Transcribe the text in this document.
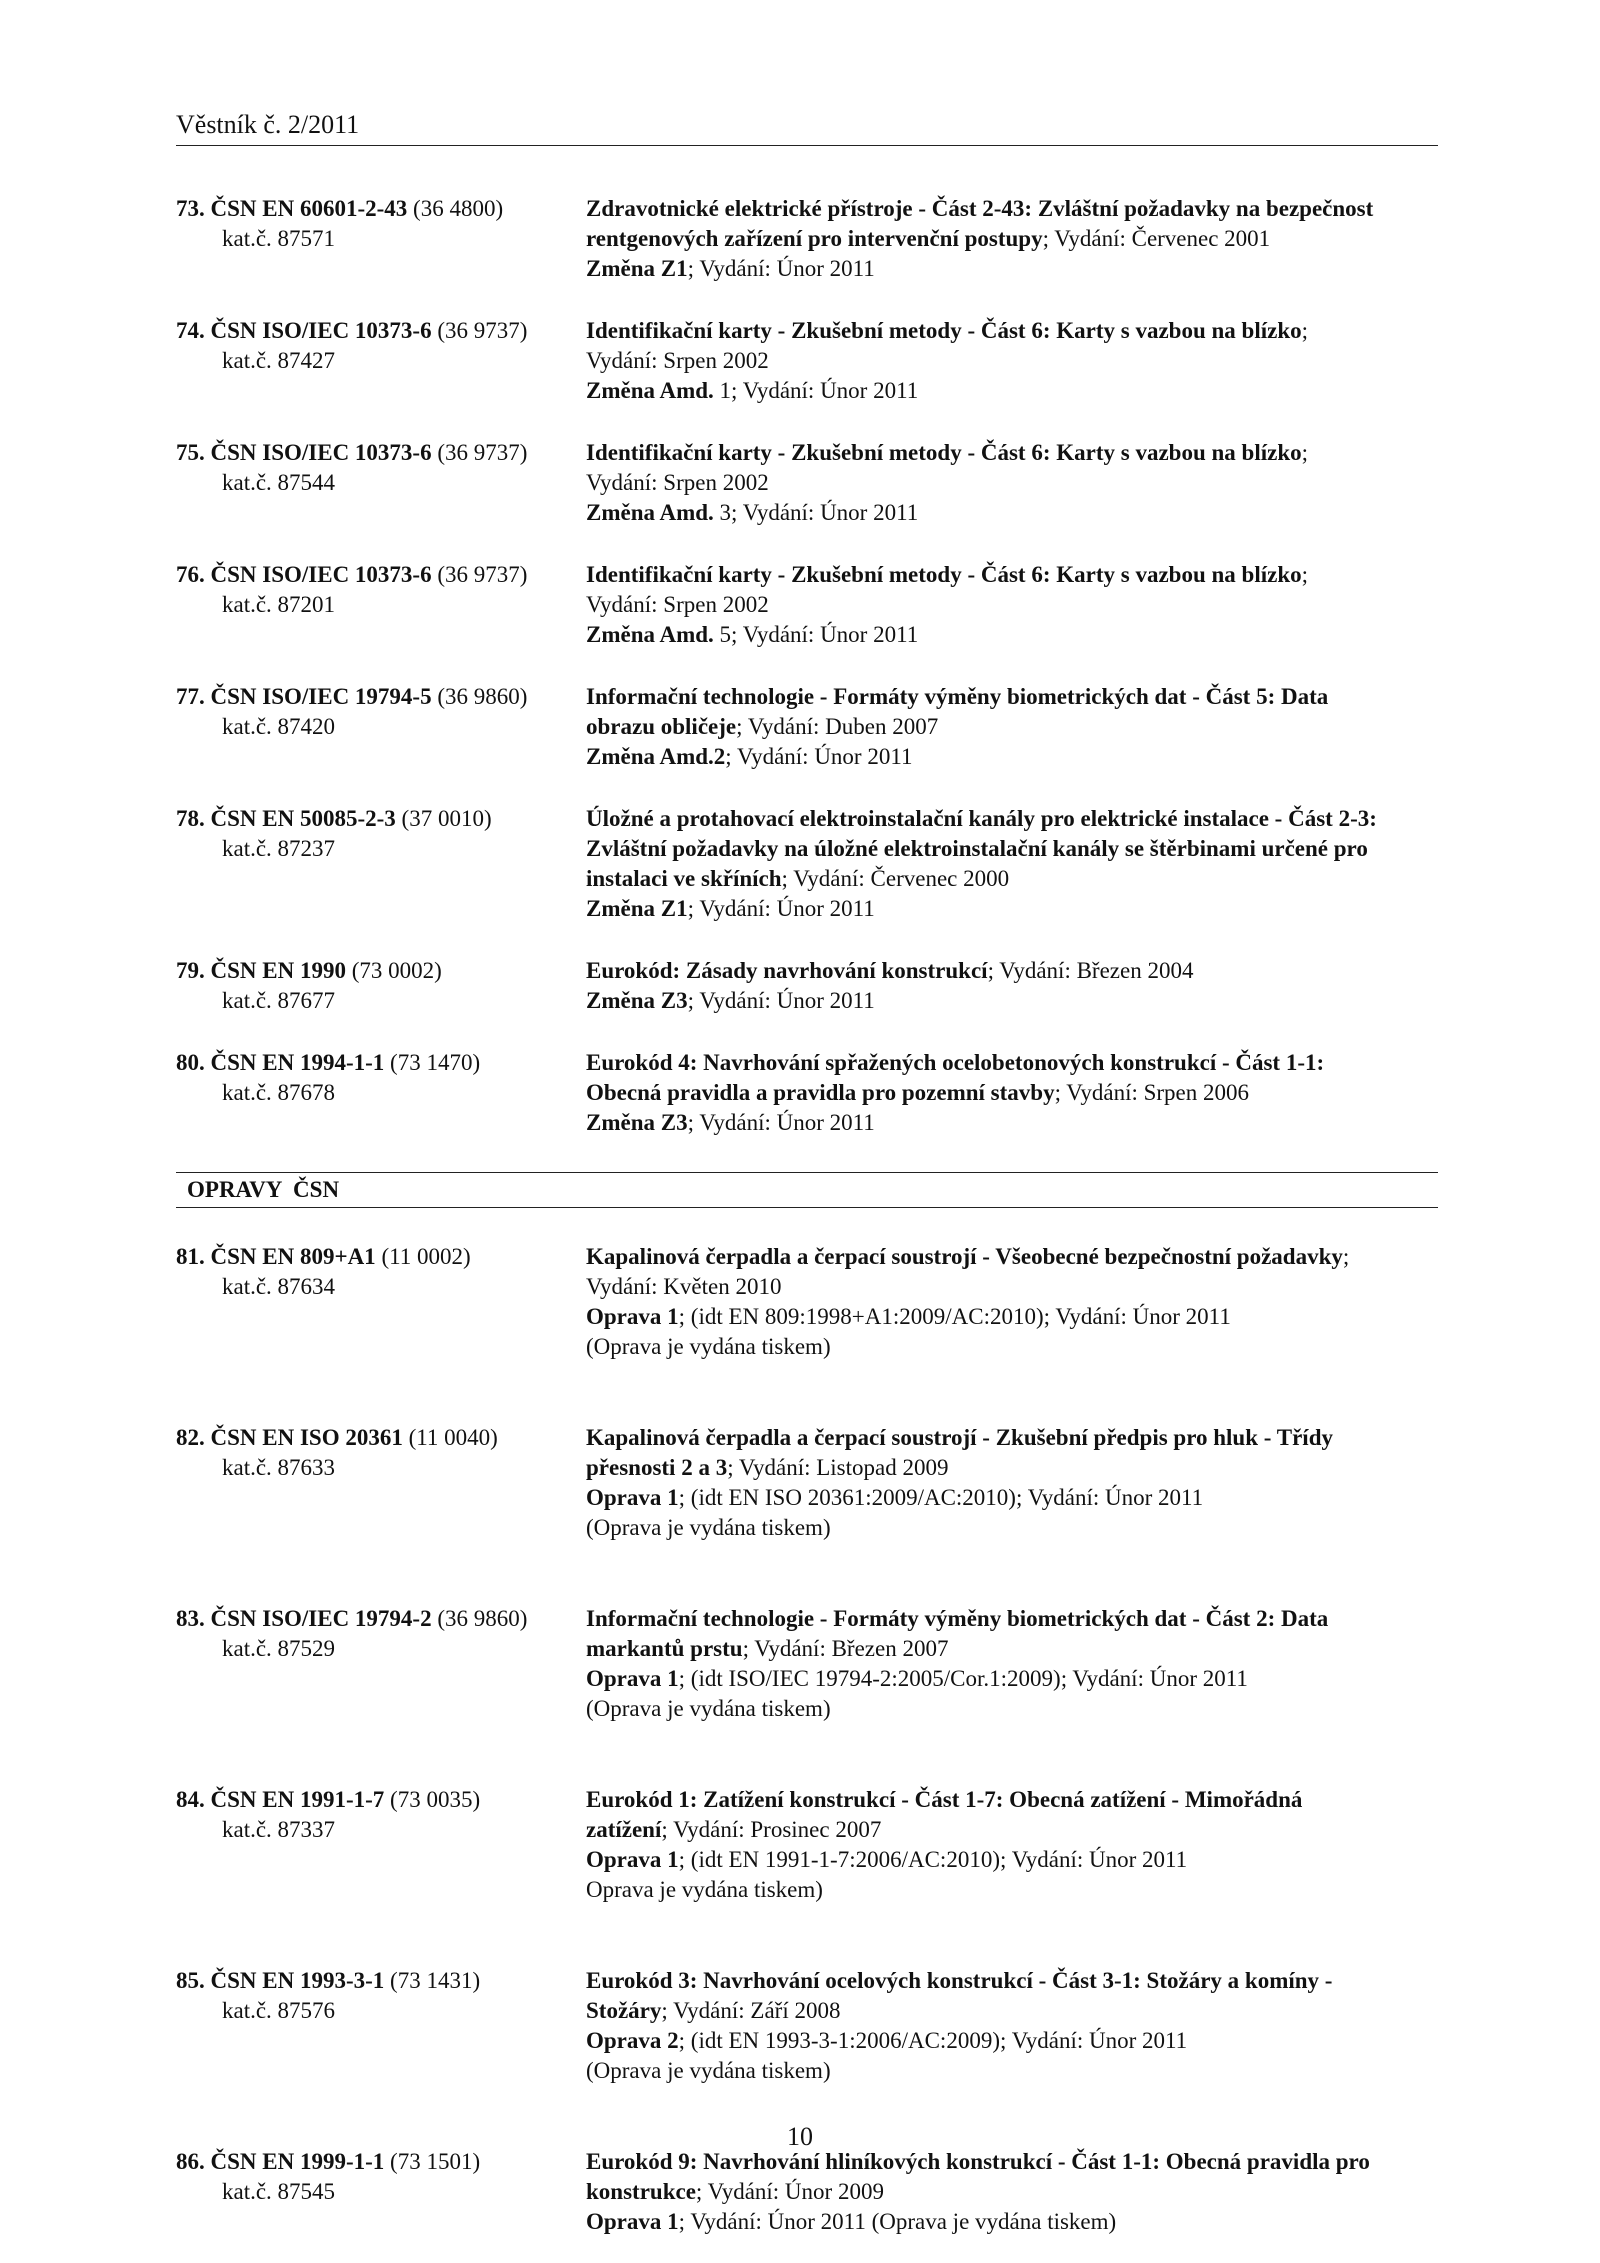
Věstník č. 2/2011
73. ČSN EN 60601-2-43 (36 4800)
kat.č. 87571
Zdravotnické elektrické přístroje - Část 2-43: Zvláštní požadavky na bezpečnost
rentgenových zařízení pro intervenční postupy; Vydání: Červenec 2001
Změna Z1; Vydání: Únor 2011
74. ČSN ISO/IEC 10373-6 (36 9737)
kat.č. 87427
Identifikační karty - Zkušební metody - Část 6: Karty s vazbou na blízko;
Vydání: Srpen 2002
Změna Amd. 1; Vydání: Únor 2011
75. ČSN ISO/IEC 10373-6 (36 9737)
kat.č. 87544
Identifikační karty - Zkušební metody - Část 6: Karty s vazbou na blízko;
Vydání: Srpen 2002
Změna Amd. 3; Vydání: Únor 2011
76. ČSN ISO/IEC 10373-6 (36 9737)
kat.č. 87201
Identifikační karty - Zkušební metody - Část 6: Karty s vazbou na blízko;
Vydání: Srpen 2002
Změna Amd. 5; Vydání: Únor 2011
77. ČSN ISO/IEC 19794-5 (36 9860)
kat.č. 87420
Informační technologie - Formáty výměny biometrických dat - Část 5: Data
obrazu obličeje; Vydání: Duben 2007
Změna Amd.2; Vydání: Únor 2011
78. ČSN EN 50085-2-3 (37 0010)
kat.č. 87237
Úložné a protahovací elektroinstalační kanály pro elektrické instalace - Část 2-3:
Zvláštní požadavky na úložné elektroinstalační kanály se štěrbinami určené pro
instalaci ve skříních; Vydání: Červenec 2000
Změna Z1; Vydání: Únor 2011
79. ČSN EN 1990 (73 0002)
kat.č. 87677
Eurokód: Zásady navrhování konstrukcí; Vydání: Březen 2004
Změna Z3; Vydání: Únor 2011
80. ČSN EN 1994-1-1 (73 1470)
kat.č. 87678
Eurokód 4: Navrhování spřažených ocelobetonových konstrukcí - Část 1-1:
Obecná pravidla a pravidla pro pozemní stavby; Vydání: Srpen 2006
Změna Z3; Vydání: Únor 2011
OPRAVY  ČSN
81. ČSN EN 809+A1 (11 0002)
kat.č. 87634
Kapalinová čerpadla a čerpací soustrojí - Všeobecné bezpečnostní požadavky;
Vydání: Květen 2010
Oprava 1; (idt EN 809:1998+A1:2009/AC:2010); Vydání: Únor 2011
(Oprava je vydána tiskem)
82. ČSN EN ISO 20361 (11 0040)
kat.č. 87633
Kapalinová čerpadla a čerpací soustrojí - Zkušební předpis pro hluk - Třídy
přesnosti 2 a 3; Vydání: Listopad 2009
Oprava 1; (idt EN ISO 20361:2009/AC:2010); Vydání: Únor 2011
(Oprava je vydána tiskem)
83. ČSN ISO/IEC 19794-2 (36 9860)
kat.č. 87529
Informační technologie - Formáty výměny biometrických dat - Část 2: Data
markantů prstu; Vydání: Březen 2007
Oprava 1; (idt ISO/IEC 19794-2:2005/Cor.1:2009); Vydání: Únor 2011
(Oprava je vydána tiskem)
84. ČSN EN 1991-1-7 (73 0035)
kat.č. 87337
Eurokód 1: Zatížení konstrukcí - Část 1-7: Obecná zatížení - Mimořádná
zatížení; Vydání: Prosinec 2007
Oprava 1; (idt EN 1991-1-7:2006/AC:2010); Vydání: Únor 2011
Oprava je vydána tiskem)
85. ČSN EN 1993-3-1 (73 1431)
kat.č. 87576
Eurokód 3: Navrhování ocelových konstrukcí - Část 3-1: Stožáry a komíny -
Stožáry; Vydání: Září 2008
Oprava 2; (idt EN 1993-3-1:2006/AC:2009); Vydání: Únor 2011
(Oprava je vydána tiskem)
86. ČSN EN 1999-1-1 (73 1501)
kat.č. 87545
Eurokód 9: Navrhování hliníkových konstrukcí - Část 1-1: Obecná pravidla pro
konstrukce; Vydání: Únor 2009
Oprava 1; Vydání: Únor 2011 (Oprava je vydána tiskem)
10
